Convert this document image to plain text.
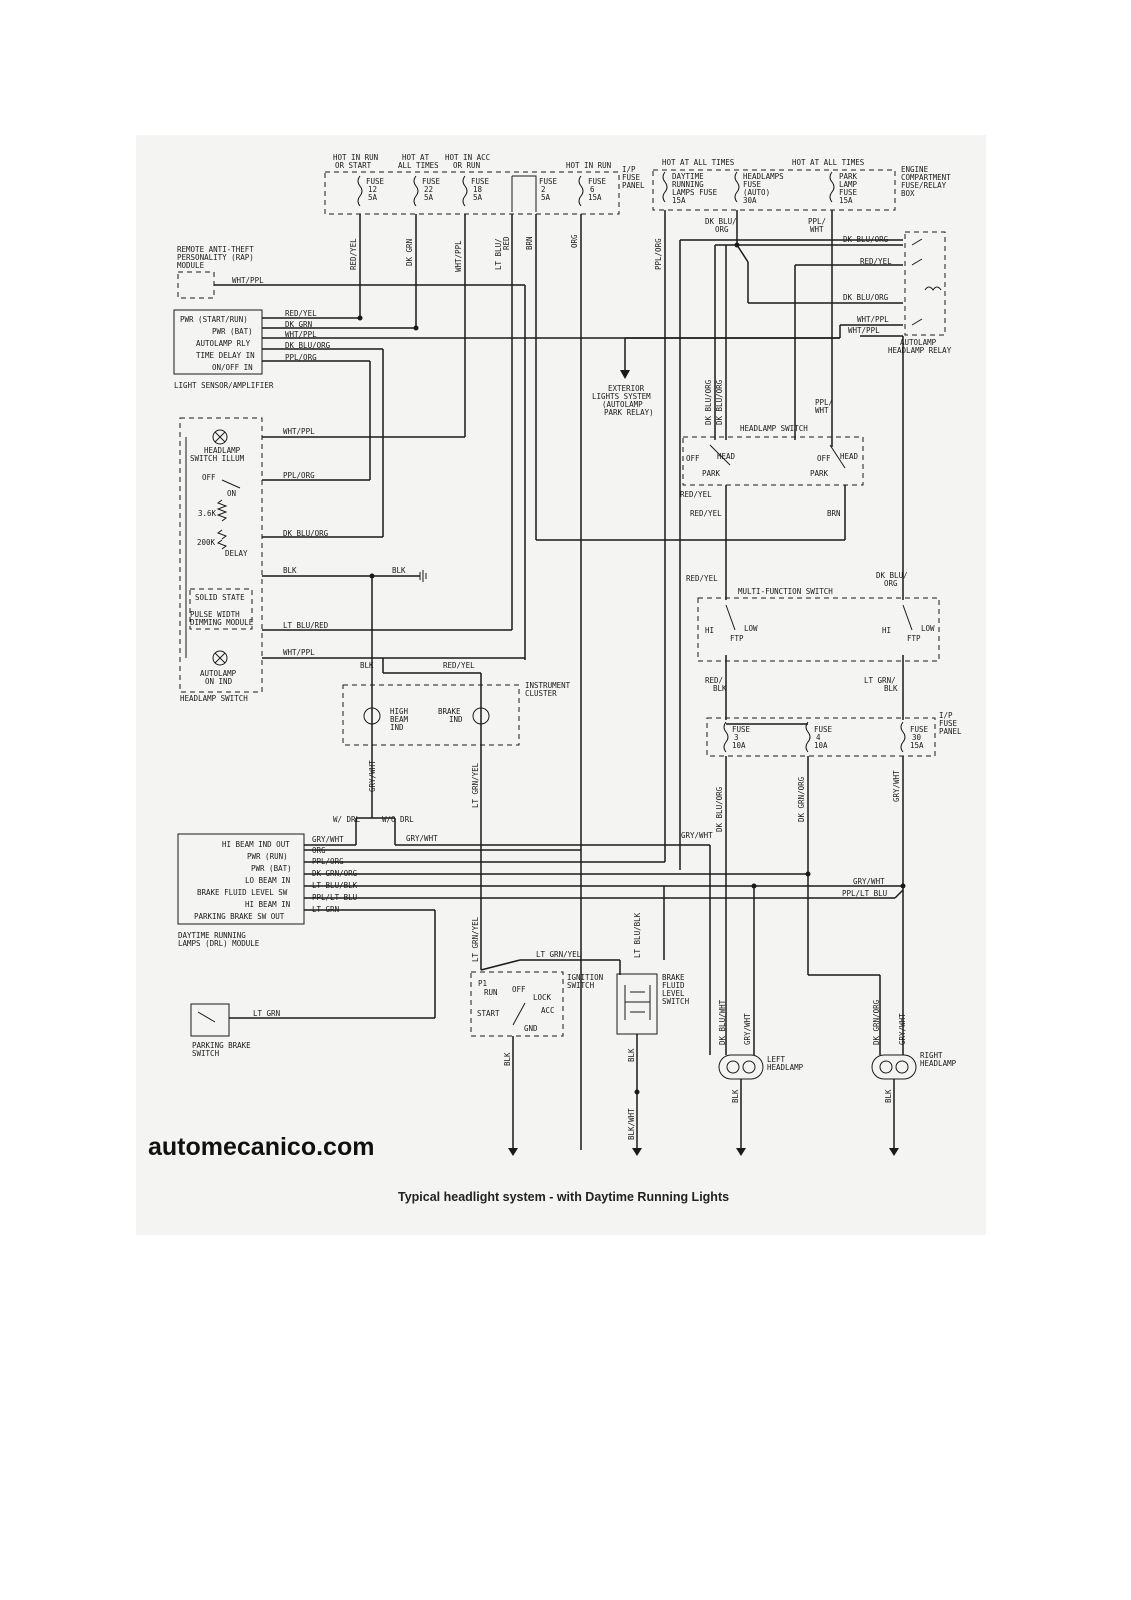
HOT IN RUN
OR START
HOT AT
ALL TIMES
HOT IN ACC
OR RUN	HOT IN RUN
FUSE
12
5A
FUSE
22
5A
FUSE
18
5A
FUSE
2
5A
FUSE
6
15A
I/P
FUSE
PANEL
HOT AT ALL TIMES	HOT AT ALL TIMES
DAYTIME
RUNNING
LAMPS FUSE
15A
HEADLAMPS
FUSE
(AUTO)
30A
PARK
LAMP
FUSE
15A
ENGINE
COMPARTMENT
FUSE/RELAY
BOX
RED/YEL	DK GRN	WHT/PPL	LT BLU/ RED BRN	ORG	PPL/ORG
DK BLU/
ORG
PPL/
WHT
REMOTE ANTI-THEFT
PERSONALITY (RAP)
MODULE
WHT/PPL
PWR (START/RUN)
PWR (BAT)
AUTOLAMP RLY
TIME DELAY IN
ON/OFF IN
LIGHT SENSOR/AMPLIFIER
RED/YEL
DK GRN
WHT/PPL
DK BLU/ORG
PPL/ORG
DK BLU/ORG
RED/YEL
DK BLU/ORG
WHT/PPL
WHT/PPL
AUTOLAMP
HEADLAMP RELAY
EXTERIOR
LIGHTS SYSTEM
(AUTOLAMP
PARK RELAY)
HEADLAMP SWITCH
OFF HEAD
PARK
OFF HEAD
PARK
DK BLU/ORG DK BLU/ORG
RED/YEL
RED/YEL	BRN
PPL/
WHT
HEADLAMP
SWITCH ILLUM
OFF
ON
3.6K
200K
DELAY
SOLID STATE
PULSE WIDTH
DIMMING MODULE
AUTOLAMP
ON IND
HEADLAMP SWITCH
WHT/PPL
PPL/ORG
DK BLU/ORG
BLK	BLK
LT BLU/RED
WHT/PPL
MULTI-FUNCTION SWITCH
HI	LOW
FTP
HI	LOW
FTP
RED/YEL	DK BLU/
ORG
RED/
BLK
LT GRN/
BLK
INSTRUMENT
CLUSTER
HIGH
BEAM
IND
BRAKE
IND
BLK	RED/YEL
GRY/WHT	LT GRN/YEL
FUSE
3
10A
FUSE
4
10A
FUSE
30
15A
I/P
FUSE
PANEL
DK BLU/ORG	DK GRN/ORG	GRY/WHT
HI BEAM IND OUT
PWR (RUN)
PWR (BAT)
LO BEAM IN
BRAKE FLUID LEVEL SW
HI BEAM IN
PARKING BRAKE SW OUT
DAYTIME RUNNING
LAMPS (DRL) MODULE
GRY/WHT
ORG
PPL/ORG
DK GRN/ORG
LT BLU/BLK
PPL/LT BLU
LT GRN
W/ DRL	W/O DRL
GRY/WHT	GRY/WHT
GRY/WHT
PPL/LT BLU
IGNITION
SWITCH
P1
RUN OFF
LOCK
ACC
START
GND
LT GRN/YEL
LT GRN/YEL
BLK
BRAKE
FLUID
LEVEL
SWITCH
LT BLU/BLK
BLK
BLK/WHT
LT GRN
PARKING BRAKE
SWITCH
LEFT
HEADLAMP
DK BLU/WHT GRY/WHT
BLK
RIGHT
HEADLAMP
DK GRN/ORG GRY/WHT
BLK
automecanico.com
Typical headlight system - with Daytime Running Lights
